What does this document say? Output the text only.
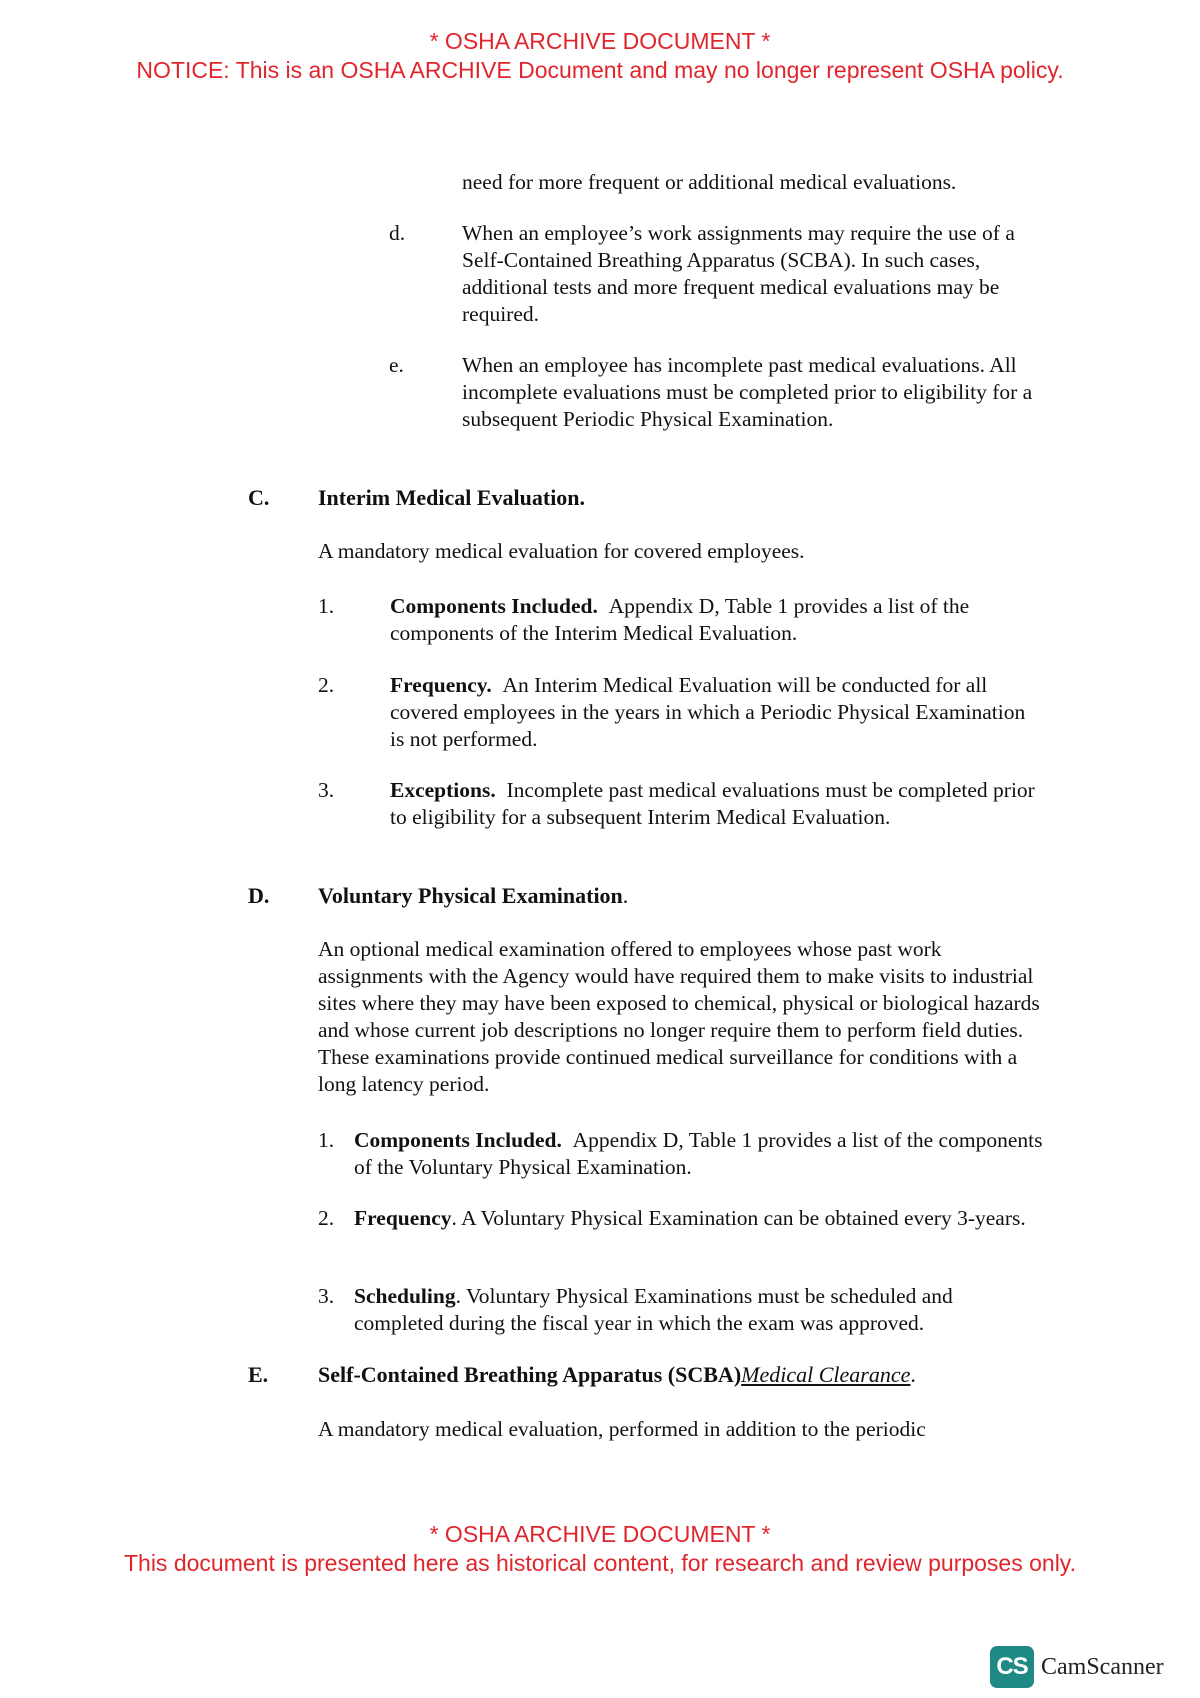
* OSHA ARCHIVE DOCUMENT *
NOTICE: This is an OSHA ARCHIVE Document and may no longer represent OSHA policy.
need for more frequent or additional medical evaluations.
d.	When an employee’s work assignments may require the use of a Self-Contained Breathing Apparatus (SCBA). In such cases, additional tests and more frequent medical evaluations may be required.
e.	When an employee has incomplete past medical evaluations. All incomplete evaluations must be completed prior to eligibility for a subsequent Periodic Physical Examination.
C. Interim Medical Evaluation.
A mandatory medical evaluation for covered employees.
1.	Components Included. Appendix D, Table 1 provides a list of the components of the Interim Medical Evaluation.
2.	Frequency. An Interim Medical Evaluation will be conducted for all covered employees in the years in which a Periodic Physical Examination is not performed.
3.	Exceptions. Incomplete past medical evaluations must be completed prior to eligibility for a subsequent Interim Medical Evaluation.
D. Voluntary Physical Examination.
An optional medical examination offered to employees whose past work assignments with the Agency would have required them to make visits to industrial sites where they may have been exposed to chemical, physical or biological hazards and whose current job descriptions no longer require them to perform field duties. These examinations provide continued medical surveillance for conditions with a long latency period.
1. Components Included. Appendix D, Table 1 provides a list of the components of the Voluntary Physical Examination.
2. Frequency. A Voluntary Physical Examination can be obtained every 3-years.
3. Scheduling. Voluntary Physical Examinations must be scheduled and completed during the fiscal year in which the exam was approved.
E. Self-Contained Breathing Apparatus (SCBA)Medical Clearance.
A mandatory medical evaluation, performed in addition to the periodic
* OSHA ARCHIVE DOCUMENT *
This document is presented here as historical content, for research and review purposes only.
CS CamScanner
